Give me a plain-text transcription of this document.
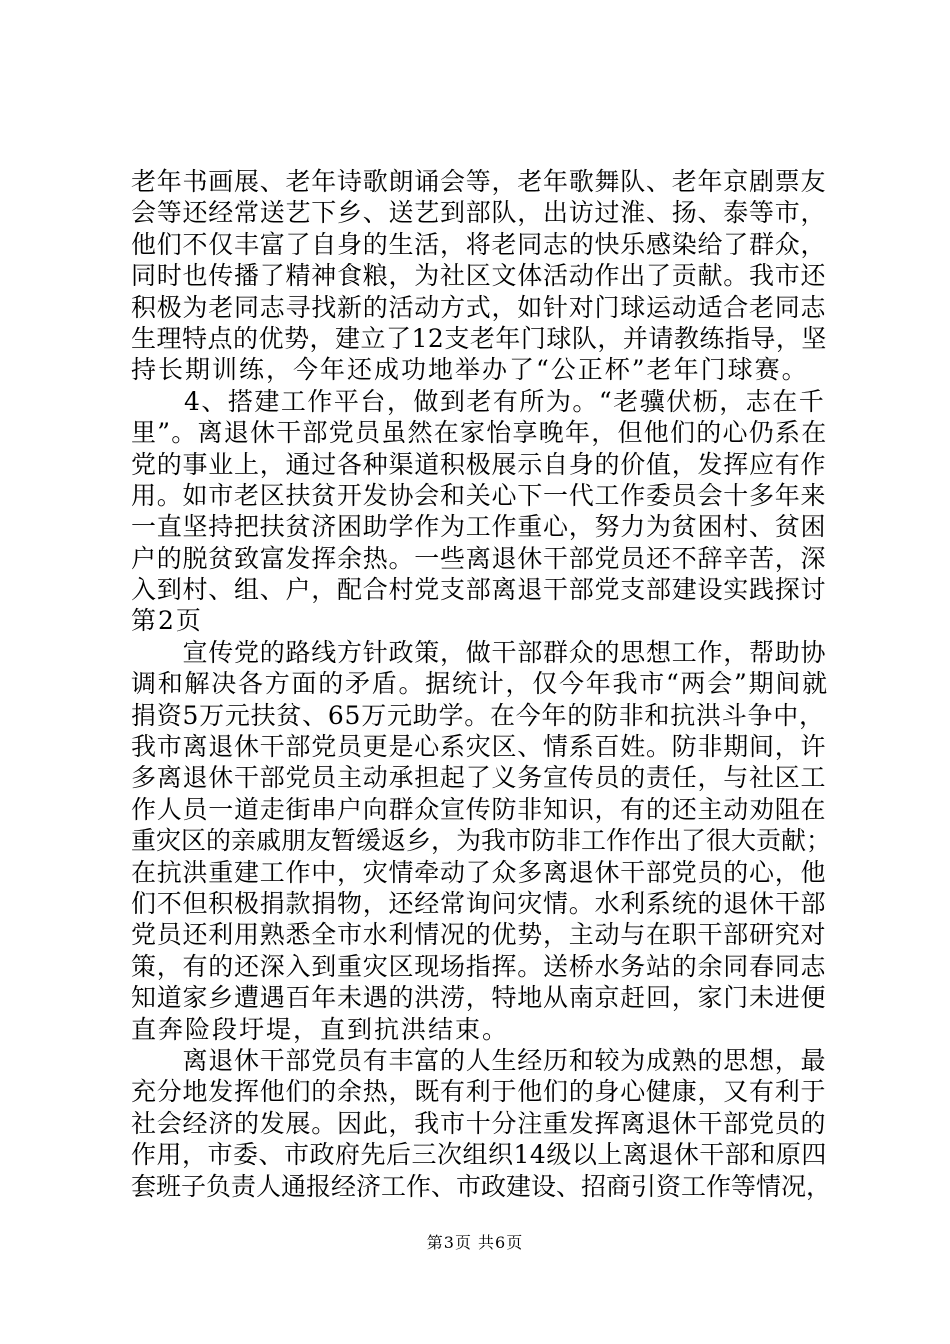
老年书画展、老年诗歌朗诵会等，老年歌舞队、老年京剧票友
会等还经常送艺下乡、送艺到部队，出访过淮、扬、泰等市，
他们不仅丰富了自身的生活，将老同志的快乐感染给了群众，
同时也传播了精神食粮，为社区文体活动作出了贡献。我市还
积极为老同志寻找新的活动方式，如针对门球运动适合老同志
生理特点的优势，建立了12支老年门球队，并请教练指导，坚
持长期训练，今年还成功地举办了“公正杯”老年门球赛。
　　4、搭建工作平台，做到老有所为。“老骥伏枥，志在千
里”。离退休干部党员虽然在家怡享晚年，但他们的心仍系在
党的事业上，通过各种渠道积极展示自身的价值，发挥应有作
用。如市老区扶贫开发协会和关心下一代工作委员会十多年来
一直坚持把扶贫济困助学作为工作重心，努力为贫困村、贫困
户的脱贫致富发挥余热。一些离退休干部党员还不辞辛苦，深
入到村、组、户，配合村党支部离退干部党支部建设实践探讨
第2页
　　宣传党的路线方针政策，做干部群众的思想工作，帮助协
调和解决各方面的矛盾。据统计，仅今年我市“两会”期间就
捐资5万元扶贫、65万元助学。在今年的防非和抗洪斗争中，
我市离退休干部党员更是心系灾区、情系百姓。防非期间，许
多离退休干部党员主动承担起了义务宣传员的责任，与社区工
作人员一道走街串户向群众宣传防非知识，有的还主动劝阻在
重灾区的亲戚朋友暂缓返乡，为我市防非工作作出了很大贡献；
在抗洪重建工作中，灾情牵动了众多离退休干部党员的心，他
们不但积极捐款捐物，还经常询问灾情。水利系统的退休干部
党员还利用熟悉全市水利情况的优势，主动与在职干部研究对
策，有的还深入到重灾区现场指挥。送桥水务站的余同春同志
知道家乡遭遇百年未遇的洪涝，特地从南京赶回，家门未进便
直奔险段圩堤，直到抗洪结束。
　　离退休干部党员有丰富的人生经历和较为成熟的思想，最
充分地发挥他们的余热，既有利于他们的身心健康，又有利于
社会经济的发展。因此，我市十分注重发挥离退休干部党员的
作用，市委、市政府先后三次组织14级以上离退休干部和原四
套班子负责人通报经济工作、市政建设、招商引资工作等情况，
第3页 共6页
